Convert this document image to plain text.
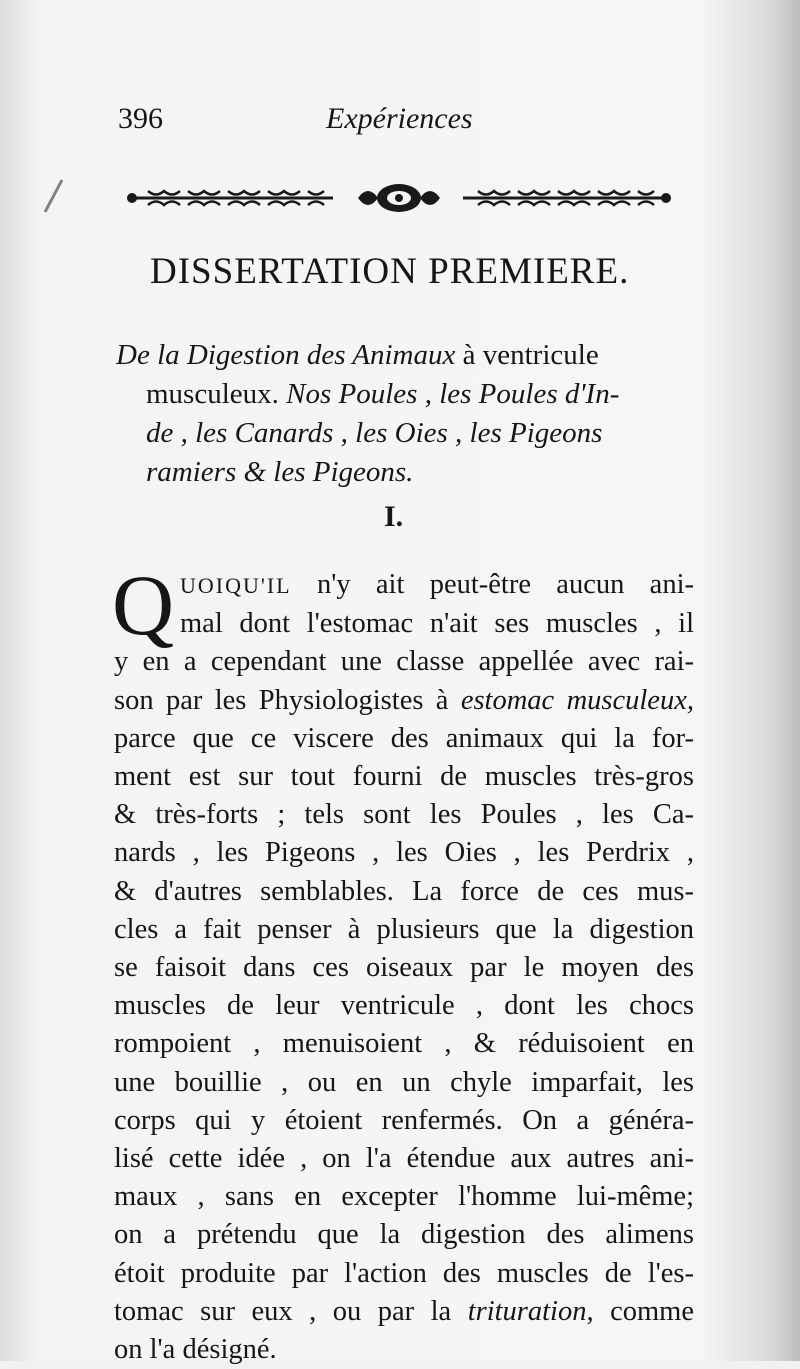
396	Expériences
DISSERTATION PREMIERE.
De la Digestion des Animaux à ventricule
musculeux. Nos Poules , les Poules d'In-
de , les Canards , les Oies , les Pigeons
ramiers & les Pigeons.
I.
Q UOIQU'IL n'y ait peut-être aucun ani-
mal dont l'estomac n'ait ses muscles , il
y en a cependant une classe appellée avec rai-
son par les Physiologistes à estomac musculeux,
parce que ce viscere des animaux qui la for-
ment est sur tout fourni de muscles très-gros
& très-forts ; tels sont les Poules , les Ca-
nards , les Pigeons , les Oies , les Perdrix ,
& d'autres semblables. La force de ces mus-
cles a fait penser à plusieurs que la digestion
se faisoit dans ces oiseaux par le moyen des
muscles de leur ventricule , dont les chocs
rompoient , menuisoient , & réduisoient en
une bouillie , ou en un chyle imparfait, les
corps qui y étoient renfermés. On a généra-
lisé cette idée , on l'a étendue aux autres ani-
maux , sans en excepter l'homme lui-même;
on a prétendu que la digestion des alimens
étoit produite par l'action des muscles de l'es-
tomac sur eux , ou par la trituration, comme
on l'a désigné.
